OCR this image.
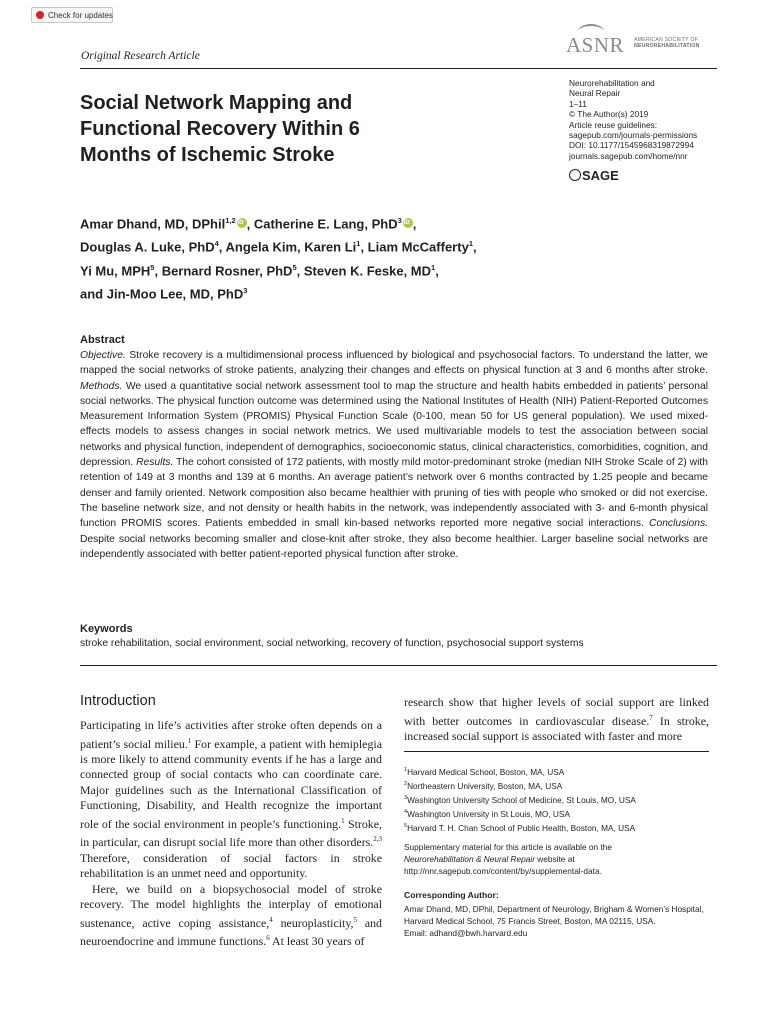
Check for updates
Original Research Article	ASNR AMERICAN SOCIETY OF
NEUROREHABILITATION
Social Network Mapping and Functional Recovery Within 6 Months of Ischemic Stroke
Neurorehabilitation and
Neural Repair
1–11
© The Author(s) 2019
Article reuse guidelines:
sagepub.com/journals-permissions
DOI: 10.1177/1545968319872994
journals.sagepub.com/home/nnr
SAGE
Amar Dhand, MD, DPhil$^{1,2}$ iD , Catherine E. Lang, PhD$^3$ iD ,
Douglas A. Luke, PhD$^4$, Angela Kim, Karen Li$^1$, Liam McCafferty$^1$,
Yi Mu, MPH$^5$, Bernard Rosner, PhD$^5$, Steven K. Feske, $MD^1$,
and Jin-Moo Lee, MD, PhD$^3$
Abstract
Objective. Stroke recovery is a multidimensional process influenced by biological and psychosocial factors. To understand the latter, we mapped the social networks of stroke patients, analyzing their changes and effects on physical function at 3 and 6 months after stroke. Methods. We used a quantitative social network assessment tool to map the structure and health habits embedded in patients’ personal social networks. The physical function outcome was determined using the National Institutes of Health (NIH) Patient-Reported Outcomes Measurement Information System (PROMIS) Physical Function Scale (0-100, mean 50 for US general population). We used mixed-effects models to assess changes in social network metrics. We used multivariable models to test the association between social networks and physical function, independent of demographics, socioeconomic status, clinical characteristics, comorbidities, cognition, and depression. Results. The cohort consisted of 172 patients, with mostly mild motor-predominant stroke (median NIH Stroke Scale of 2) with retention of 149 at 3 months and 139 at 6 months. An average patient’s network over 6 months contracted by 1.25 people and became denser and family oriented. Network composition also became healthier with pruning of ties with people who smoked or did not exercise. The baseline network size, and not density or health habits in the network, was independently associated with 3- and 6-month physical function PROMIS scores. Patients embedded in small kin-based networks reported more negative social interactions. Conclusions. Despite social networks becoming smaller and close-knit after stroke, they also become healthier. Larger baseline social networks are independently associated with better patient-reported physical function after stroke.
Keywords
stroke rehabilitation, social environment, social networking, recovery of function, psychosocial support systems
Introduction

Participating in life’s activities after stroke often depends on a patient’s social milieu.$^1$ For example, a patient with hemiplegia is more likely to attend community events if he has a large and connected group of social contacts who can coordinate care. Major guidelines such as the International Classification of Functioning, Disability, and Health recognize the important role of the social environment in people’s functioning.$^1$ Stroke, in particular, can disrupt social life more than other disorders.$^{2,3}$ Therefore, consideration of social factors in stroke rehabilitation is an unmet need and opportunity.

Here, we build on a biopsychosocial model of stroke recovery. The model highlights the interplay of emotional sustenance, active coping assistance,$^4$ neuroplasticity,$^5$ and neuroendocrine and immune functions.$^6$ At least 30 years of

research show that higher levels of social support are linked with better outcomes in cardiovascular disease.$^7$ In stroke, increased social support is associated with faster and more
$^1$Harvard Medical School, Boston, MA, USA
$^2$Northeastern University, Boston, MA, USA
$^3$Washington University School of Medicine, St Louis, MO, USA
$^4$Washington University in St Louis, MO, USA
$^5$Harvard T. H. Chan School of Public Health, Boston, MA, USA
Supplementary material for this article is available on the
Neurorehabilitation & Neural Repair website at http://nnr.sagepub.com/content/by/supplemental-data.
Corresponding Author:
Amar Dhand, MD, DPhil, Department of Neurology, Brigham & Women’s Hospital, Harvard Medical School, 75 Francis Street, Boston, MA 02115, USA.
Email: adhand@bwh.harvard.edu
